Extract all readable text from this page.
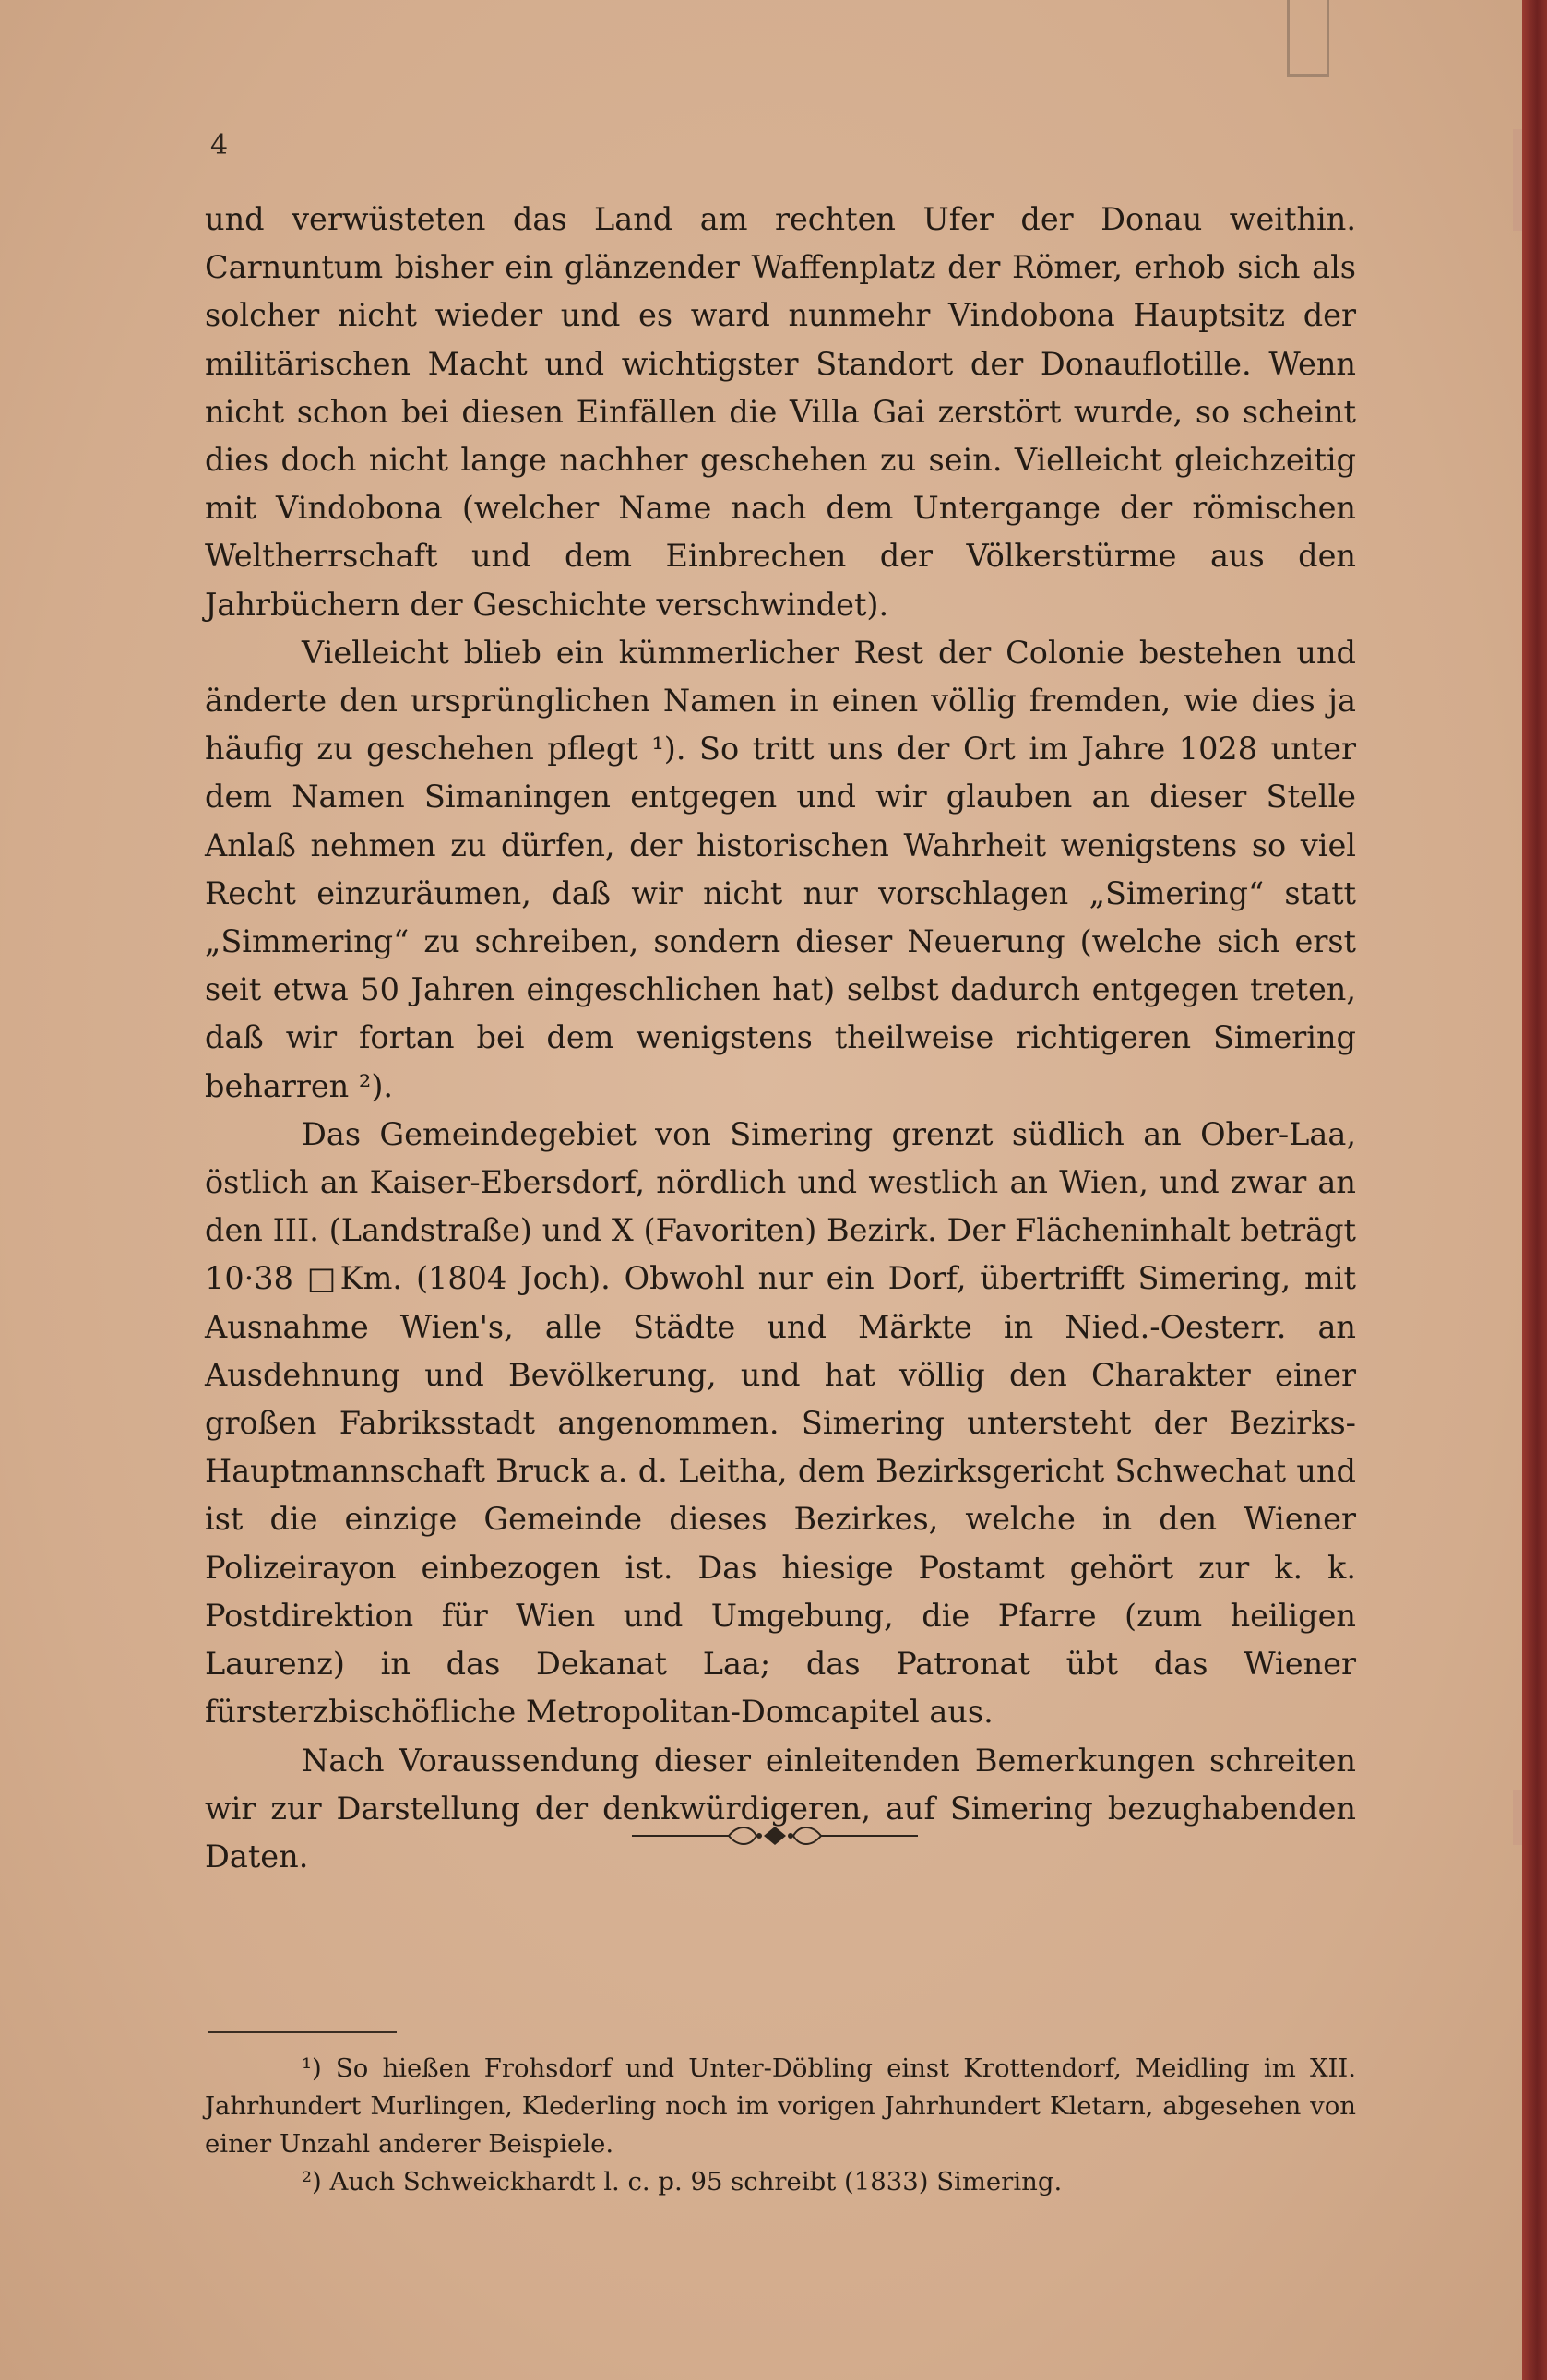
4

und verwüsteten das Land am rechten Ufer der Donau weithin. Carnuntum bisher ein glänzender Waffenplatz der Römer, erhob sich als solcher nicht wieder und es ward nunmehr Vindobona Hauptsitz der militärischen Macht und wichtigster Standort der Donauflotille. Wenn nicht schon bei diesen Einfällen die Villa Gai zerstört wurde, so scheint dies doch nicht lange nachher geschehen zu sein. Vielleicht gleichzeitig mit Vindobona (welcher Name nach dem Untergange der römischen Weltherrschaft und dem Einbrechen der Völkerstürme aus den Jahrbüchern der Geschichte verschwindet).

Vielleicht blieb ein kümmerlicher Rest der Colonie bestehen und änderte den ursprünglichen Namen in einen völlig fremden, wie dies ja häufig zu geschehen pflegt ¹). So tritt uns der Ort im Jahre 1028 unter dem Namen Simaningen entgegen und wir glauben an dieser Stelle Anlaß nehmen zu dürfen, der historischen Wahrheit wenigstens so viel Recht einzuräumen, daß wir nicht nur vorschlagen „Simering“ statt „Simmering“ zu schreiben, sondern dieser Neuerung (welche sich erst seit etwa 50 Jahren eingeschlichen hat) selbst dadurch entgegen treten, daß wir fortan bei dem wenigstens theilweise richtigeren Simering beharren ²).

Das Gemeindegebiet von Simering grenzt südlich an Ober-Laa, östlich an Kaiser-Ebersdorf, nördlich und westlich an Wien, und zwar an den III. (Landstraße) und X (Favoriten) Bezirk. Der Flächeninhalt beträgt 10·38 □Km. (1804 Joch). Obwohl nur ein Dorf, übertrifft Simering, mit Ausnahme Wien's, alle Städte und Märkte in Nied.-Oesterr. an Ausdehnung und Bevölkerung, und hat völlig den Charakter einer großen Fabriksstadt angenommen. Simering untersteht der Bezirks-Hauptmannschaft Bruck a. d. Leitha, dem Bezirksgericht Schwechat und ist die einzige Gemeinde dieses Bezirkes, welche in den Wiener Polizeirayon einbezogen ist. Das hiesige Postamt gehört zur k. k. Postdirektion für Wien und Umgebung, die Pfarre (zum heiligen Laurenz) in das Dekanat Laa; das Patronat übt das Wiener fürsterzbischöfliche Metropolitan-Domcapitel aus.

Nach Voraussendung dieser einleitenden Bemerkungen schreiten wir zur Darstellung der denkwürdigeren, auf Simering bezughabenden Daten.

¹) So hießen Frohsdorf und Unter-Döbling einst Krottendorf, Meidling im XII. Jahrhundert Murlingen, Klederling noch im vorigen Jahrhundert Kletarn, abgesehen von einer Unzahl anderer Beispiele.

²) Auch Schweickhardt l. c. p. 95 schreibt (1833) Simering.
